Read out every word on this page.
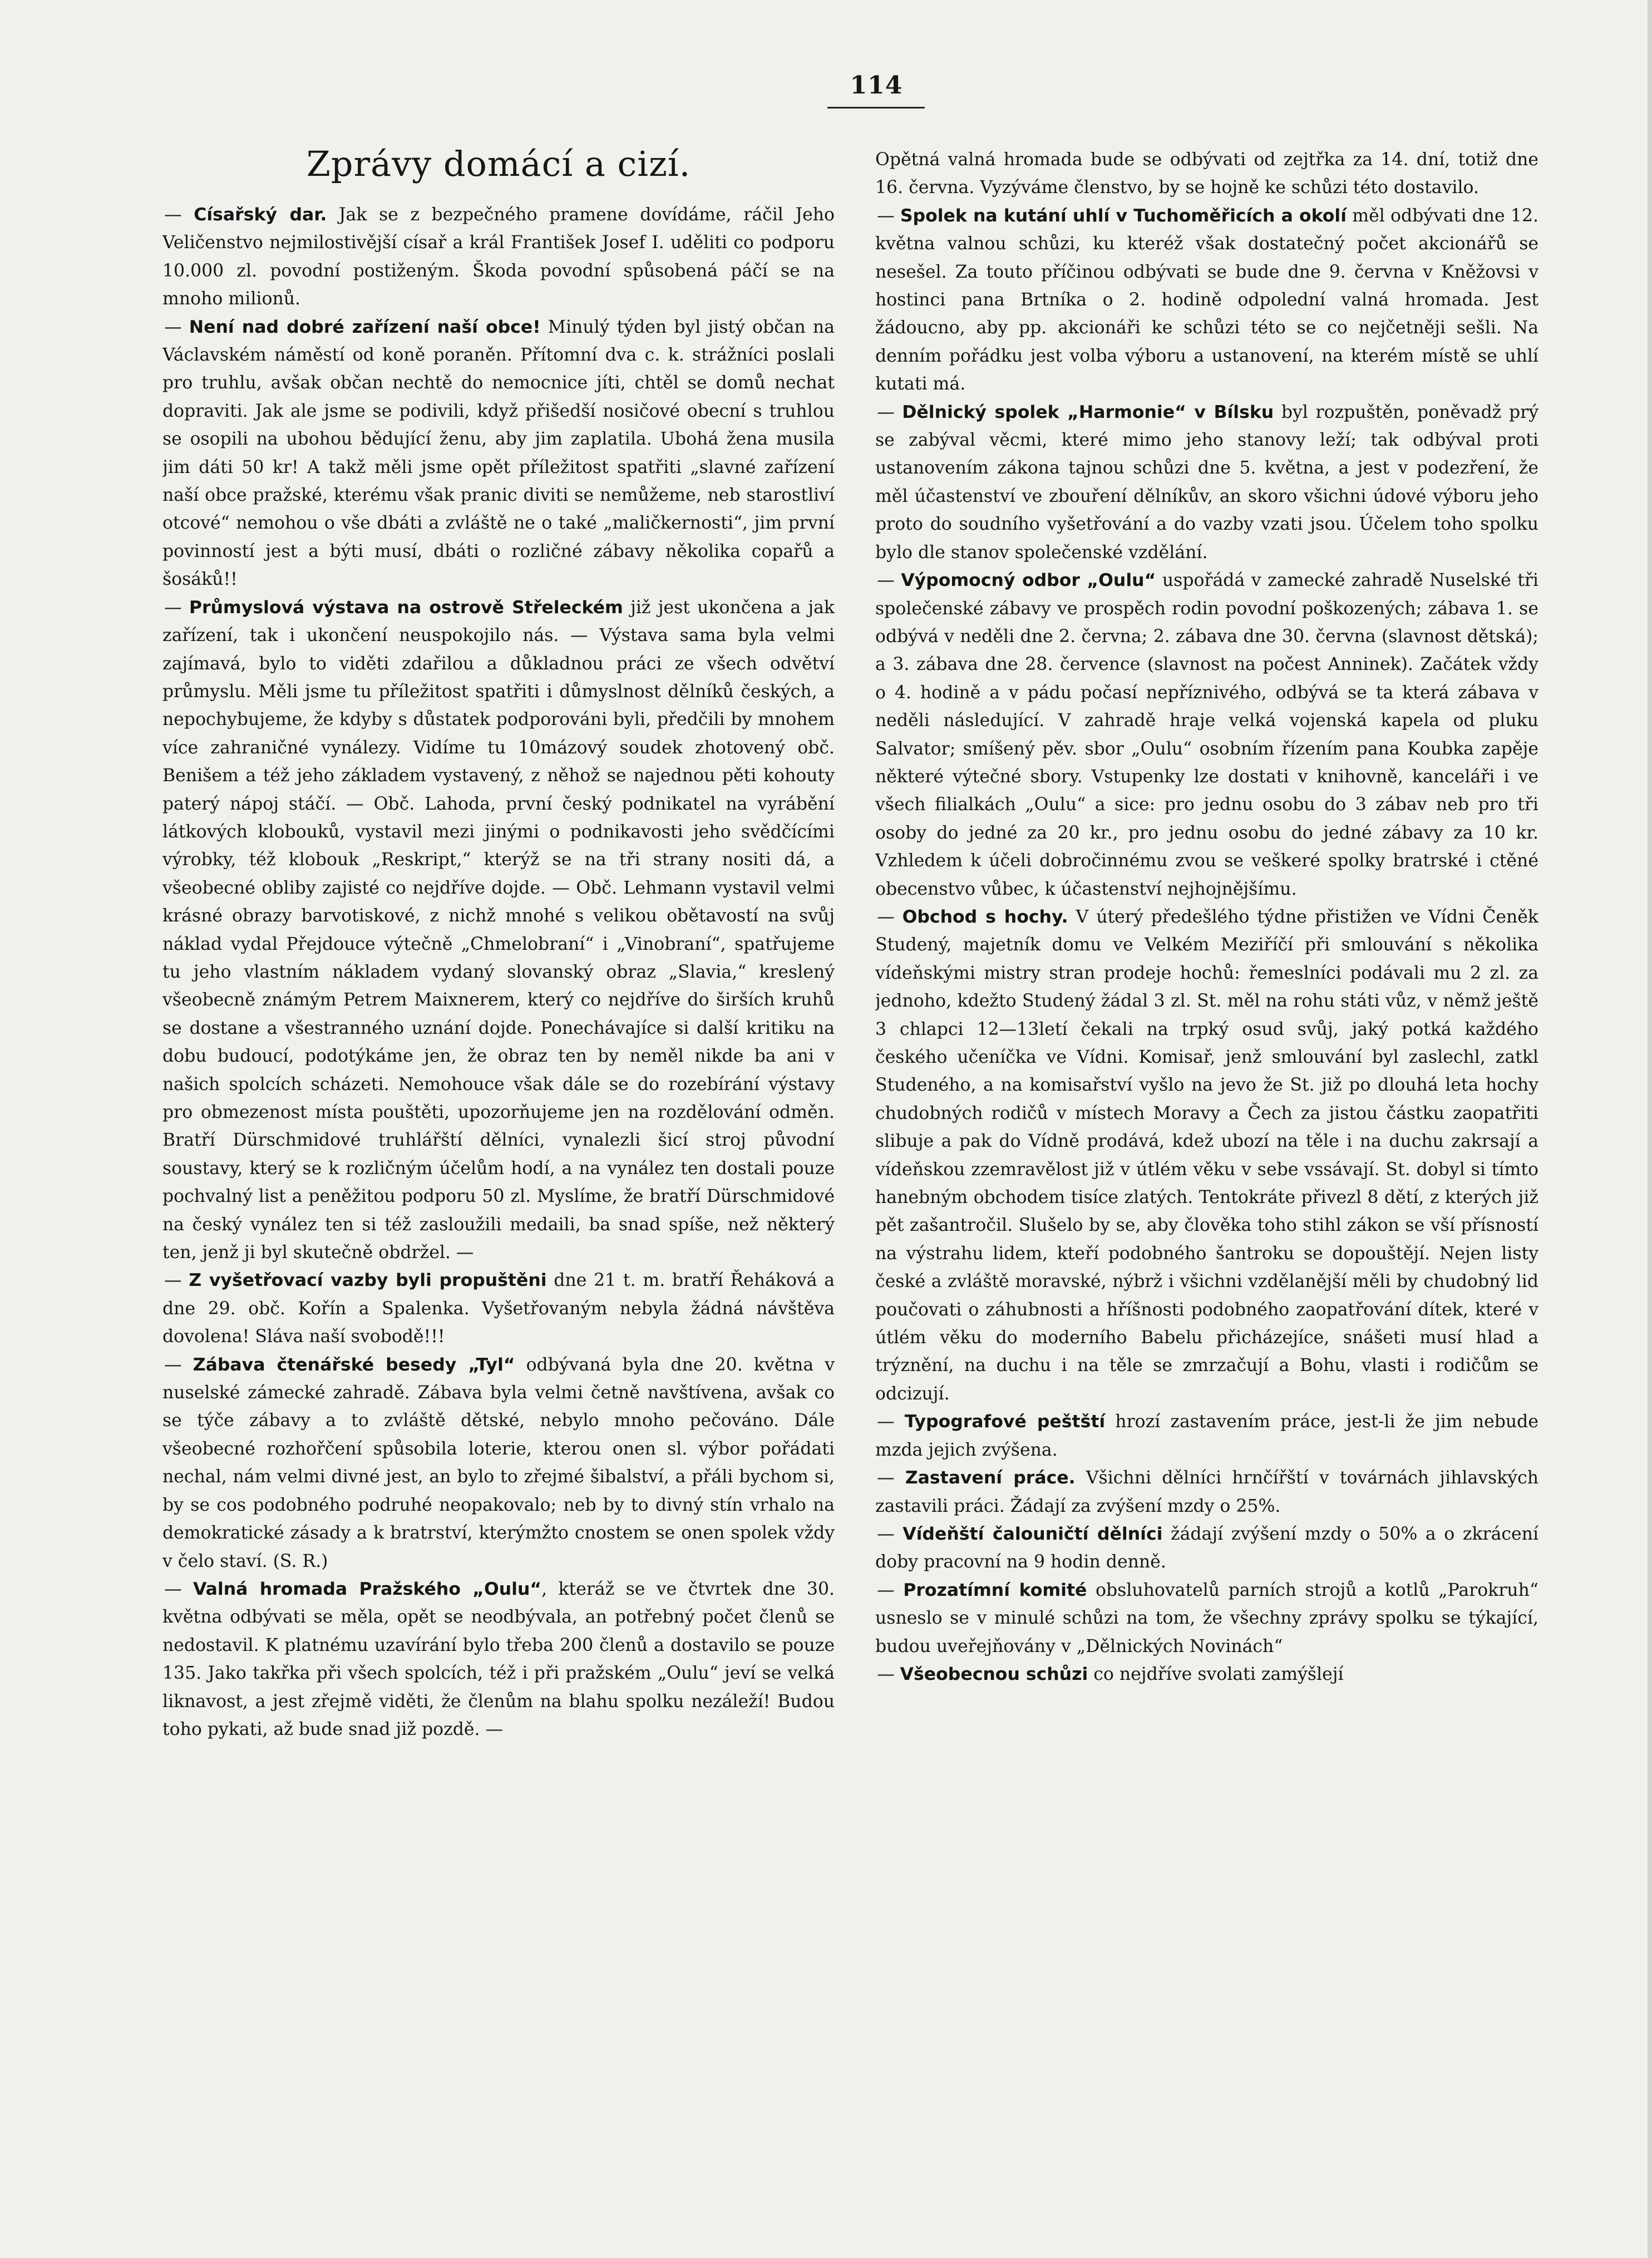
114
Zprávy domácí a cizí.

— Císařský dar. Jak se z bezpečného pramene dovídáme, ráčil Jeho Veličenstvo nejmilostivější císař a král František Josef I. uděliti co podporu 10.000 zl. povodní postiženým. Škoda povodní spůsobená páčí se na mnoho milionů.

— Není nad dobré zařízení naší obce! Minulý týden byl jistý občan na Václavském náměstí od koně poraněn. Přítomní dva c. k. strážníci poslali pro truhlu, avšak občan nechtě do nemocnice jíti, chtěl se domů nechat dopraviti. Jak ale jsme se podivili, když přišedší nosičové obecní s truhlou se osopili na ubohou bědující ženu, aby jim zaplatila. Ubohá žena musila jim dáti 50 kr! A takž měli jsme opět příležitost spatřiti „slavné zařízení naší obce pražské, kterému však pranic diviti se nemůžeme, neb starostliví otcové“ nemohou o vše dbáti a zvláště ne o také „maličkernosti“, jim první povinností jest a býti musí, dbáti o rozličné zábavy několika copařů a šosáků!!

— Průmyslová výstava na ostrově Střeleckém již jest ukončena a jak zařízení, tak i ukončení neuspokojilo nás. — Výstava sama byla velmi zajímavá, bylo to viděti zdařilou a důkladnou práci ze všech odvětví průmyslu. Měli jsme tu příležitost spatřiti i důmyslnost dělníků českých, a nepochybujeme, že kdyby s důstatek podporováni byli, předčili by mnohem více zahraničné vynálezy. Vidíme tu 10mázový soudek zhotovený obč. Benišem a též jeho základem vystavený, z něhož se najednou pěti kohouty paterý nápoj stáčí. — Obč. Lahoda, první český podnikatel na vyrábění látkových klobouků, vystavil mezi jinými o podnikavosti jeho svědčícími výrobky, též klobouk „Reskript,“ kterýž se na tři strany nositi dá, a všeobecné obliby zajisté co nejdříve dojde. — Obč. Lehmann vystavil velmi krásné obrazy barvotiskové, z nichž mnohé s velikou obětavostí na svůj náklad vydal Přejdouce výtečně „Chmelobraní“ i „Vinobraní“, spatřujeme tu jeho vlastním nákladem vydaný slovanský obraz „Slavia,“ kreslený všeobecně známým Petrem Maixnerem, který co nejdříve do širších kruhů se dostane a všestranného uznání dojde. Ponechávajíce si další kritiku na dobu budoucí, podotýkáme jen, že obraz ten by neměl nikde ba ani v našich spolcích scházeti. Nemohouce však dále se do rozebírání výstavy pro obmezenost místa pouštěti, upozorňujeme jen na rozdělování odměn. Bratří Dürschmidové truhlářští dělníci, vynalezli šicí stroj původní soustavy, který se k rozličným účelům hodí, a na vynález ten dostali pouze pochvalný list a peněžitou podporu 50 zl. Myslíme, že bratří Dürschmidové na český vynález ten si též zasloužili medaili, ba snad spíše, než některý ten, jenž ji byl skutečně obdržel. —

— Z vyšetřovací vazby byli propuštěni dne 21 t. m. bratří Řeháková a dne 29. obč. Kořín a Spalenka. Vyšetřovaným nebyla žádná návštěva dovolena! Sláva naší svobodě!!!

— Zábava čtenářské besedy „Tyl“ odbývaná byla dne 20. května v nuselské zámecké zahradě. Zábava byla velmi četně navštívena, avšak co se týče zábavy a to zvláště dětské, nebylo mnoho pečováno. Dále všeobecné rozhořčení spůsobila loterie, kterou onen sl. výbor pořádati nechal, nám velmi divné jest, an bylo to zřejmé šibalství, a přáli bychom si, by se cos podobného podruhé neopakovalo; neb by to divný stín vrhalo na demokratické zásady a k bratrství, kterýmžto cnostem se onen spolek vždy v čelo staví. (S. R.)

— Valná hromada Pražského „Oulu“, kteráž se ve čtvrtek dne 30. května odbývati se měla, opět se neodbývala, an potřebný počet členů se nedostavil. K platnému uzavírání bylo třeba 200 členů a dostavilo se pouze 135. Jako takřka při všech spolcích, též i při pražském „Oulu“ jeví se velká liknavost, a jest zřejmě viděti, že členům na blahu spolku nezáleží! Budou toho pykati, až bude snad již pozdě. —

Opětná valná hromada bude se odbývati od zejtřka za 14. dní, totiž dne 16. června. Vyzýváme členstvo, by se hojně ke schůzi této dostavilo.

— Spolek na kutání uhlí v Tuchoměřicích a okolí měl odbývati dne 12. května valnou schůzi, ku kteréž však dostatečný počet akcionářů se nesešel. Za touto příčinou odbývati se bude dne 9. června v Kněžovsi v hostinci pana Brtníka o 2. hodině odpolední valná hromada. Jest žádoucno, aby pp. akcionáři ke schůzi této se co nejčetněji sešli. Na denním pořádku jest volba výboru a ustanovení, na kterém místě se uhlí kutati má.

— Dělnický spolek „Harmonie“ v Bílsku byl rozpuštěn, poněvadž prý se zabýval věcmi, které mimo jeho stanovy leží; tak odbýval proti ustanovením zákona tajnou schůzi dne 5. května, a jest v podezření, že měl účastenství ve zbouření dělníkův, an skoro všichni údové výboru jeho proto do soudního vyšetřování a do vazby vzati jsou. Účelem toho spolku bylo dle stanov společenské vzdělání.

— Výpomocný odbor „Oulu“ uspořádá v zamecké zahradě Nuselské tři společenské zábavy ve prospěch rodin povodní poškozených; zábava 1. se odbývá v neděli dne 2. června; 2. zábava dne 30. června (slavnost dětská); a 3. zábava dne 28. července (slavnost na počest Anninek). Začátek vždy o 4. hodině a v pádu počasí nepříznivého, odbývá se ta která zábava v neděli následující. V zahradě hraje velká vojenská kapela od pluku Salvator; smíšený pěv. sbor „Oulu“ osobním řízením pana Koubka zapěje některé výtečné sbory. Vstupenky lze dostati v knihovně, kanceláři i ve všech filialkách „Oulu“ a sice: pro jednu osobu do 3 zábav neb pro tři osoby do jedné za 20 kr., pro jednu osobu do jedné zábavy za 10 kr. Vzhledem k účeli dobročinnému zvou se veškeré spolky bratrské i ctěné obecenstvo vůbec, k účastenství nejhojnějšímu.

— Obchod s hochy. V úterý předešlého týdne přistižen ve Vídni Čeněk Studený, majetník domu ve Velkém Meziříčí při smlouvání s několika vídeňskými mistry stran prodeje hochů: řemeslníci podávali mu 2 zl. za jednoho, kdežto Studený žádal 3 zl. St. měl na rohu státi vůz, v němž ještě 3 chlapci 12—13letí čekali na trpký osud svůj, jaký potká každého českého učeníčka ve Vídni. Komisař, jenž smlouvání byl zaslechl, zatkl Studeného, a na komisařství vyšlo na jevo že St. již po dlouhá leta hochy chudobných rodičů v místech Moravy a Čech za jistou částku zaopatřiti slibuje a pak do Vídně prodává, kdež ubozí na těle i na duchu zakrsají a vídeňskou zzemravělost již v útlém věku v sebe vssávají. St. dobyl si tímto hanebným obchodem tisíce zlatých. Tentokráte přivezl 8 dětí, z kterých již pět zašantročil. Slušelo by se, aby člověka toho stihl zákon se vší přísností na výstrahu lidem, kteří podobného šantroku se dopouštějí. Nejen listy české a zvláště moravské, nýbrž i všichni vzdělanější měli by chudobný lid poučovati o záhubnosti a hříšnosti podobného zaopatřování dítek, které v útlém věku do moderního Babelu přicházejíce, snášeti musí hlad a trýznění, na duchu i na těle se zmrzačují a Bohu, vlasti i rodičům se odcizují.

— Typografové peštští hrozí zastavením práce, jest-li že jim nebude mzda jejich zvýšena.

— Zastavení práce. Všichni dělníci hrnčířští v továrnách jihlavských zastavili práci. Žádají za zvýšení mzdy o 25%.

— Vídeňští čalouničtí dělníci žádají zvýšení mzdy o 50% a o zkrácení doby pracovní na 9 hodin denně.

— Prozatímní komité obsluhovatelů parních strojů a kotlů „Parokruh“ usneslo se v minulé schůzi na tom, že všechny zprávy spolku se týkající, budou uveřejňovány v „Dělnických Novinách“

— Všeobecnou schůzi co nejdříve svolati zamýšlejí
